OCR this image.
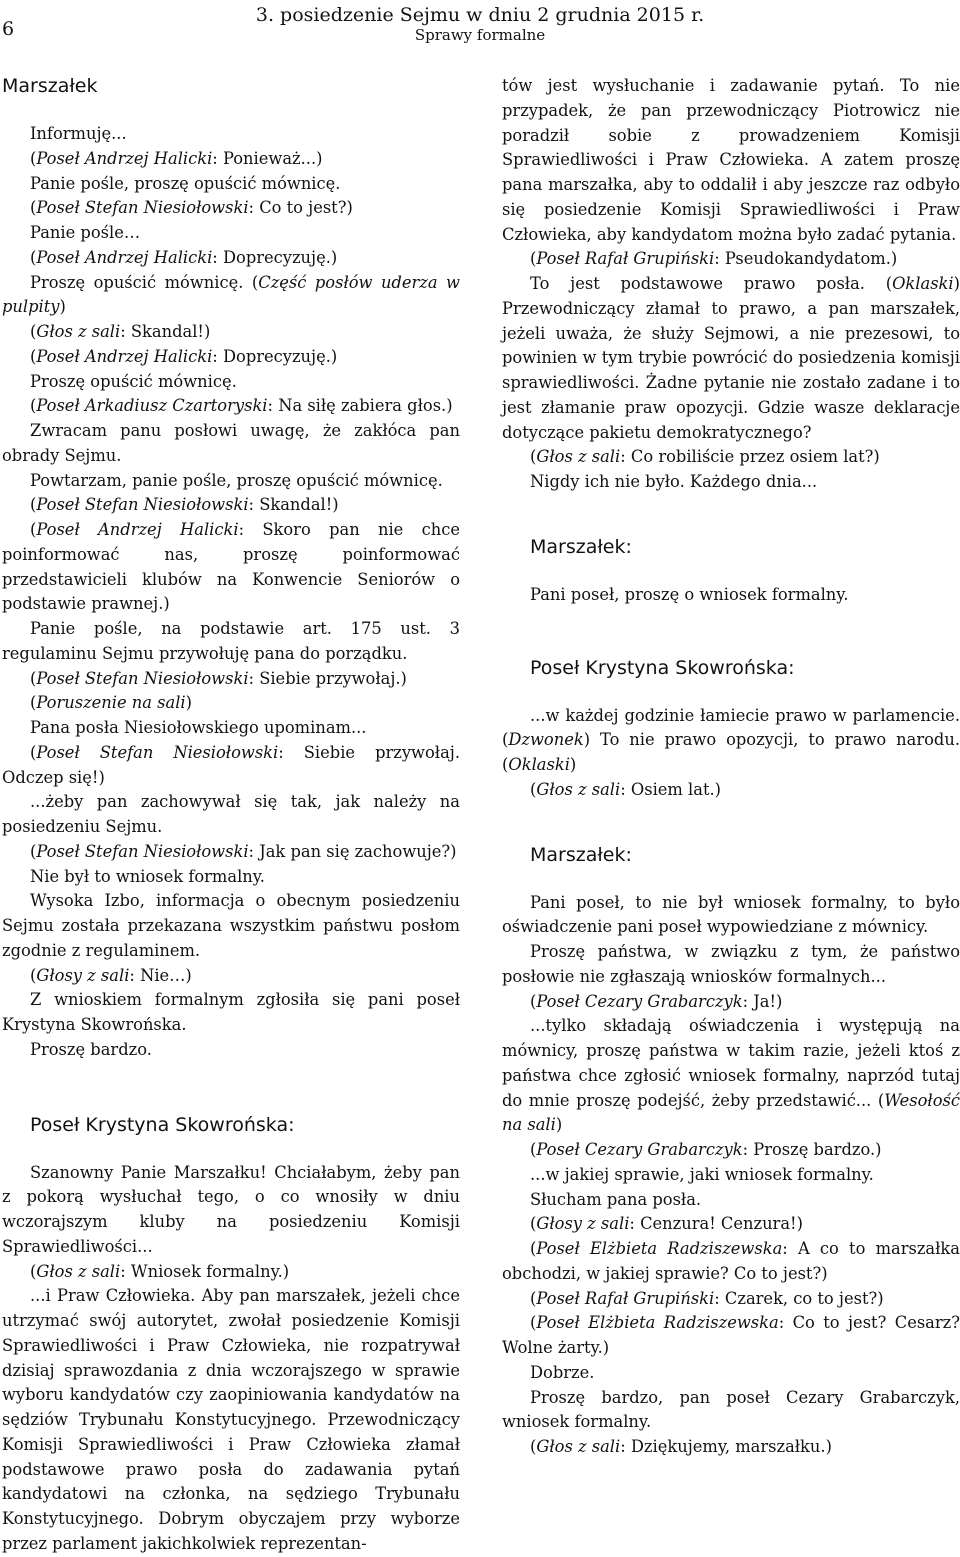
6
3. posiedzenie Sejmu w dniu 2 grudnia 2015 r.
Sprawy formalne
Marszałek

Informuję...

(Poseł Andrzej Halicki: Ponieważ...)

Panie pośle, proszę opuścić mównicę.

(Poseł Stefan Niesiołowski: Co to jest?)

Panie pośle…

(Poseł Andrzej Halicki: Doprecyzuję.)

Proszę opuścić mównicę. (Część posłów uderza w pulpity)

(Głos z sali: Skandal!)

(Poseł Andrzej Halicki: Doprecyzuję.)

Proszę opuścić mównicę.

(Poseł Arkadiusz Czartoryski: Na siłę zabiera głos.)

Zwracam panu posłowi uwagę, że zakłóca pan obrady Sejmu.

Powtarzam, panie pośle, proszę opuścić mównicę.

(Poseł Stefan Niesiołowski: Skandal!)

(Poseł Andrzej Halicki: Skoro pan nie chce poinformować nas, proszę poinformować przedstawicieli klubów na Konwencie Seniorów o podstawie prawnej.)

Panie pośle, na podstawie art. 175 ust. 3 regulaminu Sejmu przywołuję pana do porządku.

(Poseł Stefan Niesiołowski: Siebie przywołaj.)

(Poruszenie na sali)

Pana posła Niesiołowskiego upominam...

(Poseł Stefan Niesiołowski: Siebie przywołaj. Odczep się!)

...żeby pan zachowywał się tak, jak należy na posiedzeniu Sejmu.

(Poseł Stefan Niesiołowski: Jak pan się zachowuje?)

Nie był to wniosek formalny.

Wysoka Izbo, informacja o obecnym posiedzeniu Sejmu została przekazana wszystkim państwu posłom zgodnie z regulaminem.

(Głosy z sali: Nie…)

Z wnioskiem formalnym zgłosiła się pani poseł Krystyna Skowrońska.

Proszę bardzo.

Poseł Krystyna Skowrońska:

Szanowny Panie Marszałku! Chciałabym, żeby pan z pokorą wysłuchał tego, o co wnosiły w dniu wczorajszym kluby na posiedzeniu Komisji Sprawiedliwości...

(Głos z sali: Wniosek formalny.)

...i Praw Człowieka. Aby pan marszałek, jeżeli chce utrzymać swój autorytet, zwołał posiedzenie Komisji Sprawiedliwości i Praw Człowieka, nie rozpatrywał dzisiaj sprawozdania z dnia wczorajszego w sprawie wyboru kandydatów czy zaopiniowania kandydatów na sędziów Trybunału Konstytucyjnego. Przewodniczący Komisji Sprawiedliwości i Praw Człowieka złamał podstawowe prawo posła do zadawania pytań kandydatowi na członka, na sędziego Trybunału Konstytucyjnego. Dobrym obyczajem przy wyborze przez parlament jakichkolwiek reprezentan-

tów jest wysłuchanie i zadawanie pytań. To nie przypadek, że pan przewodniczący Piotrowicz nie poradził sobie z prowadzeniem Komisji Sprawiedliwości i Praw Człowieka. A zatem proszę pana marszałka, aby to oddalił i aby jeszcze raz odbyło się posiedzenie Komisji Sprawiedliwości i Praw Człowieka, aby kandydatom można było zadać pytania.

(Poseł Rafał Grupiński: Pseudokandydatom.)

To jest podstawowe prawo posła. (Oklaski) Przewodniczący złamał to prawo, a pan marszałek, jeżeli uważa, że służy Sejmowi, a nie prezesowi, to powinien w tym trybie powrócić do posiedzenia komisji sprawiedliwości. Żadne pytanie nie zostało zadane i to jest złamanie praw opozycji. Gdzie wasze deklaracje dotyczące pakietu demokratycznego?

(Głos z sali: Co robiliście przez osiem lat?)

Nigdy ich nie było. Każdego dnia...

Marszałek:

Pani poseł, proszę o wniosek formalny.

Poseł Krystyna Skowrońska:

...w każdej godzinie łamiecie prawo w parlamencie. (Dzwonek) To nie prawo opozycji, to prawo narodu. (Oklaski)

(Głos z sali: Osiem lat.)

Marszałek:

Pani poseł, to nie był wniosek formalny, to było oświadczenie pani poseł wypowiedziane z mównicy.

Proszę państwa, w związku z tym, że państwo posłowie nie zgłaszają wniosków formalnych...

(Poseł Cezary Grabarczyk: Ja!)

...tylko składają oświadczenia i występują na mównicy, proszę państwa w takim razie, jeżeli ktoś z państwa chce zgłosić wniosek formalny, naprzód tutaj do mnie proszę podejść, żeby przedstawić... (Wesołość na sali)

(Poseł Cezary Grabarczyk: Proszę bardzo.)

...w jakiej sprawie, jaki wniosek formalny.

Słucham pana posła.

(Głosy z sali: Cenzura! Cenzura!)

(Poseł Elżbieta Radziszewska: A co to marszałka obchodzi, w jakiej sprawie? Co to jest?)

(Poseł Rafał Grupiński: Czarek, co to jest?)

(Poseł Elżbieta Radziszewska: Co to jest? Cesarz? Wolne żarty.)

Dobrze.

Proszę bardzo, pan poseł Cezary Grabarczyk, wniosek formalny.

(Głos z sali: Dziękujemy, marszałku.)
